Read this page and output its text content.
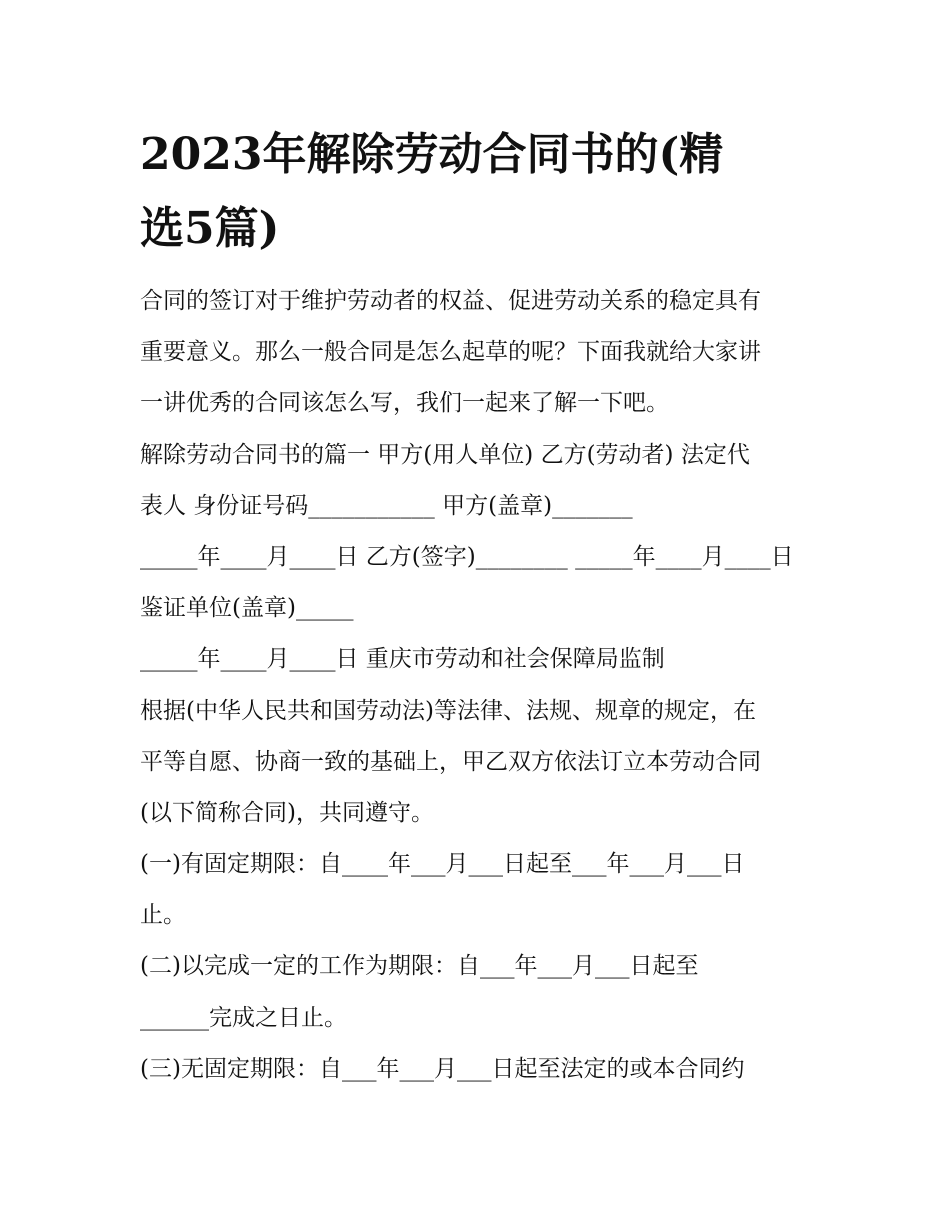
2023年解除劳动合同书的(精
选5篇)
合同的签订对于维护劳动者的权益、促进劳动关系的稳定具有
重要意义。那么一般合同是怎么起草的呢？下面我就给大家讲
一讲优秀的合同该怎么写，我们一起来了解一下吧。
解除劳动合同书的篇一 甲方(用人单位) 乙方(劳动者) 法定代
表人 身份证号码___________ 甲方(盖章)_______
_____年____月____日 乙方(签字)________ _____年____月____日
鉴证单位(盖章)_____
_____年____月____日 重庆市劳动和社会保障局监制
根据(中华人民共和国劳动法)等法律、法规、规章的规定，在
平等自愿、协商一致的基础上，甲乙双方依法订立本劳动合同
(以下简称合同)，共同遵守。
(一)有固定期限：自____年___月___日起至___年___月___日
止。
(二)以完成一定的工作为期限：自___年___月___日起至
______完成之日止。
(三)无固定期限：自___年___月___日起至法定的或本合同约
